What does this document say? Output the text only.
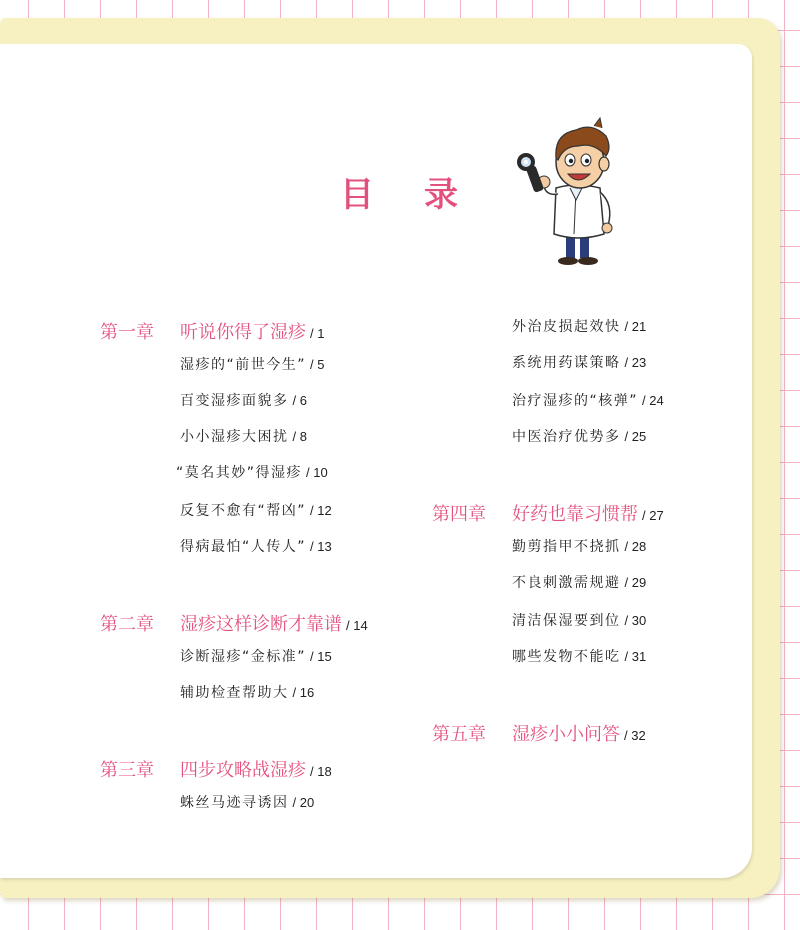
目 录
第一章 听说你得了湿疹 / 1
湿疹的“前世今生” / 5
百变湿疹面貌多 / 6
小小湿疹大困扰 / 8
“莫名其妙”得湿疹 / 10
反复不愈有“帮凶” / 12
得病最怕“人传人” / 13
第二章 湿疹这样诊断才靠谱 / 14
诊断湿疹“金标准” / 15
辅助检查帮助大 / 16
第三章 四步攻略战湿疹 / 18
蛛丝马迹寻诱因 / 20
外治皮损起效快 / 21
系统用药谋策略 / 23
治疗湿疹的“核弹” / 24
中医治疗优势多 / 25
第四章 好药也靠习惯帮 / 27
勤剪指甲不挠抓 / 28
不良刺激需规避 / 29
清洁保湿要到位 / 30
哪些发物不能吃 / 31
第五章 湿疹小小问答 / 32
